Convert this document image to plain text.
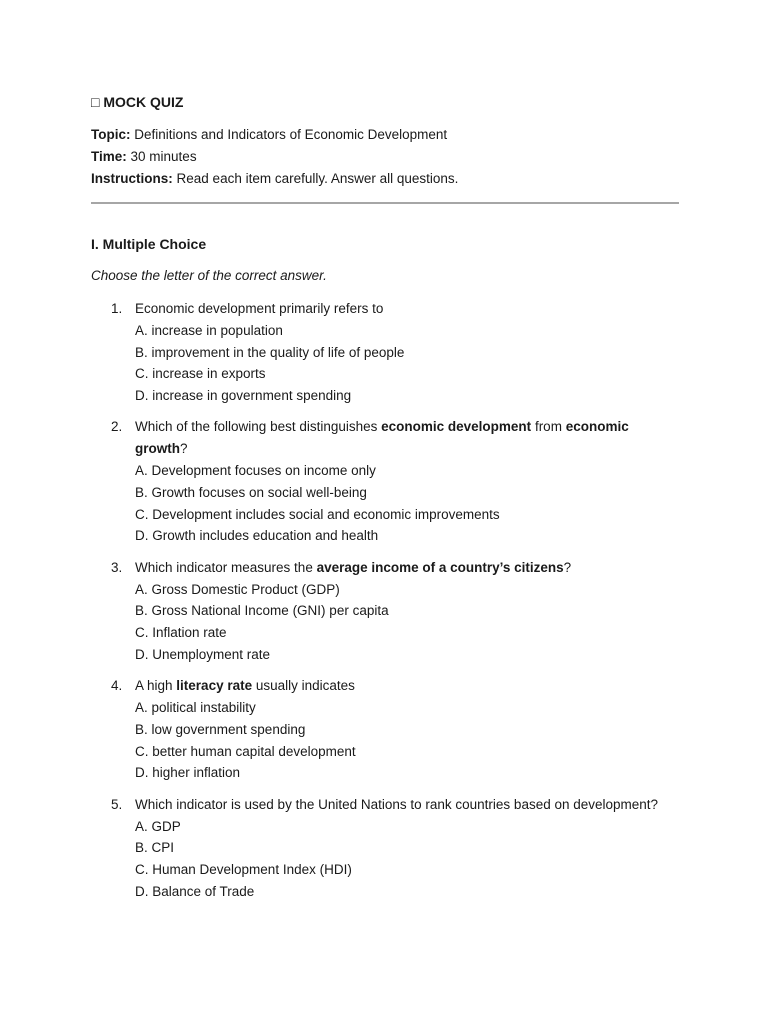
□ MOCK QUIZ
Topic: Definitions and Indicators of Economic Development
Time: 30 minutes
Instructions: Read each item carefully. Answer all questions.
I. Multiple Choice
Choose the letter of the correct answer.
1. Economic development primarily refers to
A. increase in population
B. improvement in the quality of life of people
C. increase in exports
D. increase in government spending
2. Which of the following best distinguishes economic development from economic growth?
A. Development focuses on income only
B. Growth focuses on social well-being
C. Development includes social and economic improvements
D. Growth includes education and health
3. Which indicator measures the average income of a country’s citizens?
A. Gross Domestic Product (GDP)
B. Gross National Income (GNI) per capita
C. Inflation rate
D. Unemployment rate
4. A high literacy rate usually indicates
A. political instability
B. low government spending
C. better human capital development
D. higher inflation
5. Which indicator is used by the United Nations to rank countries based on development?
A. GDP
B. CPI
C. Human Development Index (HDI)
D. Balance of Trade
